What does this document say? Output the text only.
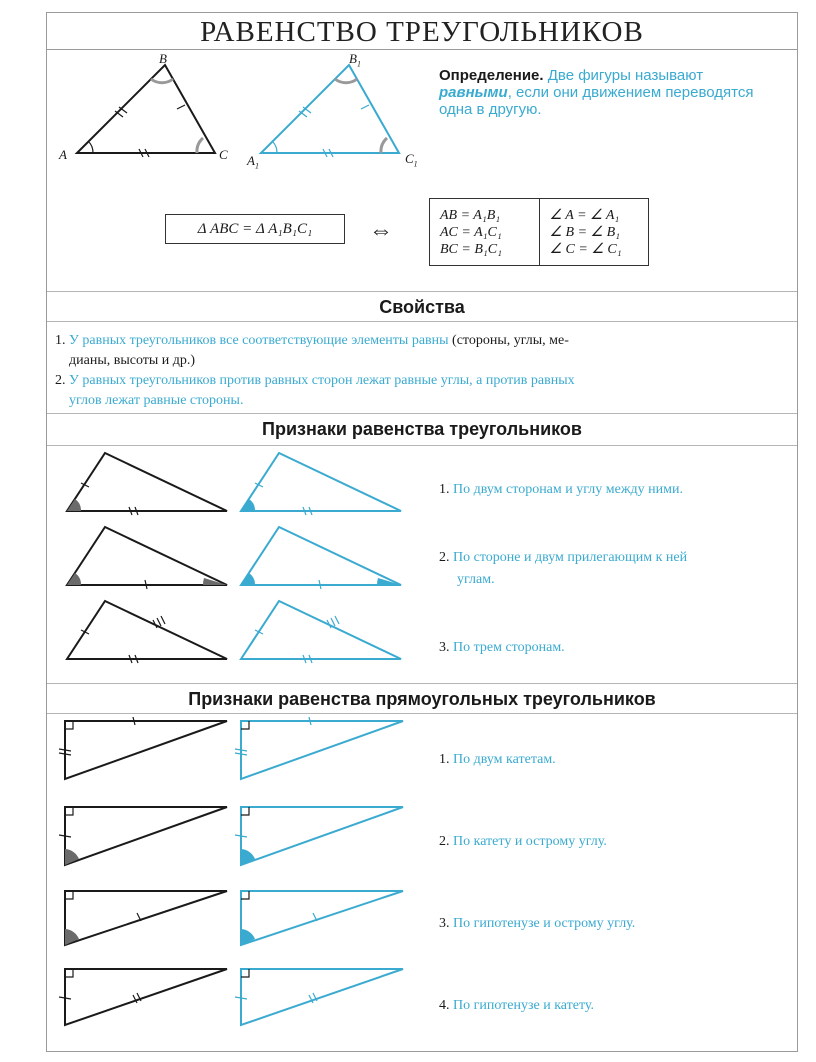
РАВЕНСТВО ТРЕУГОЛЬНИКОВ
A
B
C $A_1$
$B_1$
$C_1$
Определение. Две фигуры называют равными, если они движением переводятся одна в другую.
Δ ABC = Δ A₁B₁C₁	⇔
AB = A₁B₁
AC = A₁C₁
BC = B₁C₁
∠ A = ∠ A₁
∠ B = ∠ B₁
∠ C = ∠ C₁
Свойства
1. У равных треугольников все соответствующие элементы равны (стороны, углы, ме-
дианы, высоты и др.)
2. У равных треугольников против равных сторон лежат равные углы, а против равных
углов лежат равные стороны.
Признаки равенства треугольников
1. По двум сторонам и углу между ними.
2. По стороне и двум прилегающим к ней
углам.
3. По трем сторонам.
Признаки равенства прямоугольных треугольников
1. По двум катетам.
2. По катету и острому углу.
3. По гипотенузе и острому углу.
4. По гипотенузе и катету.
